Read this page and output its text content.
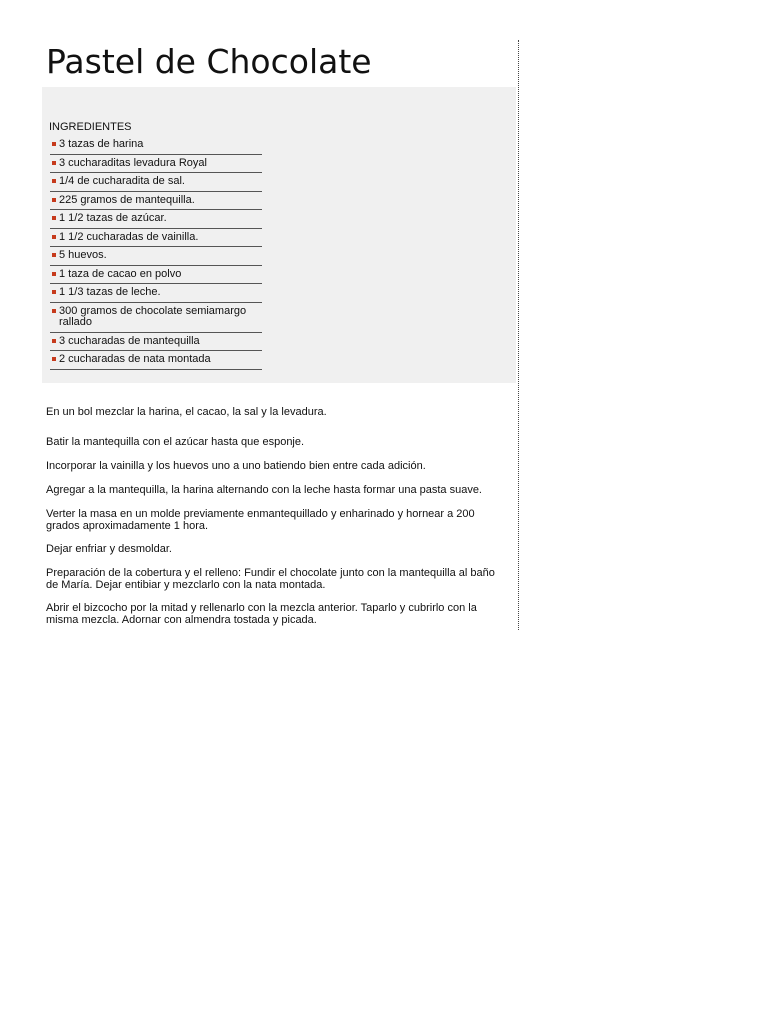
Pastel de Chocolate
INGREDIENTES
3 tazas de harina
3 cucharaditas levadura Royal
1/4 de cucharadita de sal.
225 gramos de mantequilla.
1 1/2 tazas de azúcar.
1 1/2 cucharadas de vainilla.
5 huevos.
1 taza de cacao en polvo
1 1/3 tazas de leche.
300 gramos de chocolate semiamargo rallado
3 cucharadas de mantequilla
2 cucharadas de nata montada

En un bol mezclar la harina, el cacao, la sal y la levadura.

Batir la mantequilla con el azúcar hasta que esponje.

Incorporar la vainilla y los huevos uno a uno batiendo bien entre cada adición.

Agregar a la mantequilla, la harina alternando con la leche hasta formar una pasta suave.

Verter la masa en un molde previamente enmantequillado y enharinado y hornear a 200 grados aproximadamente 1 hora.

Dejar enfriar y desmoldar.

Preparación de la cobertura y el relleno: Fundir el chocolate junto con la mantequilla al baño de María. Dejar entibiar y mezclarlo con la nata montada.

Abrir el bizcocho por la mitad y rellenarlo con la mezcla anterior. Taparlo y cubrirlo con la misma mezcla. Adornar con almendra tostada y picada.
